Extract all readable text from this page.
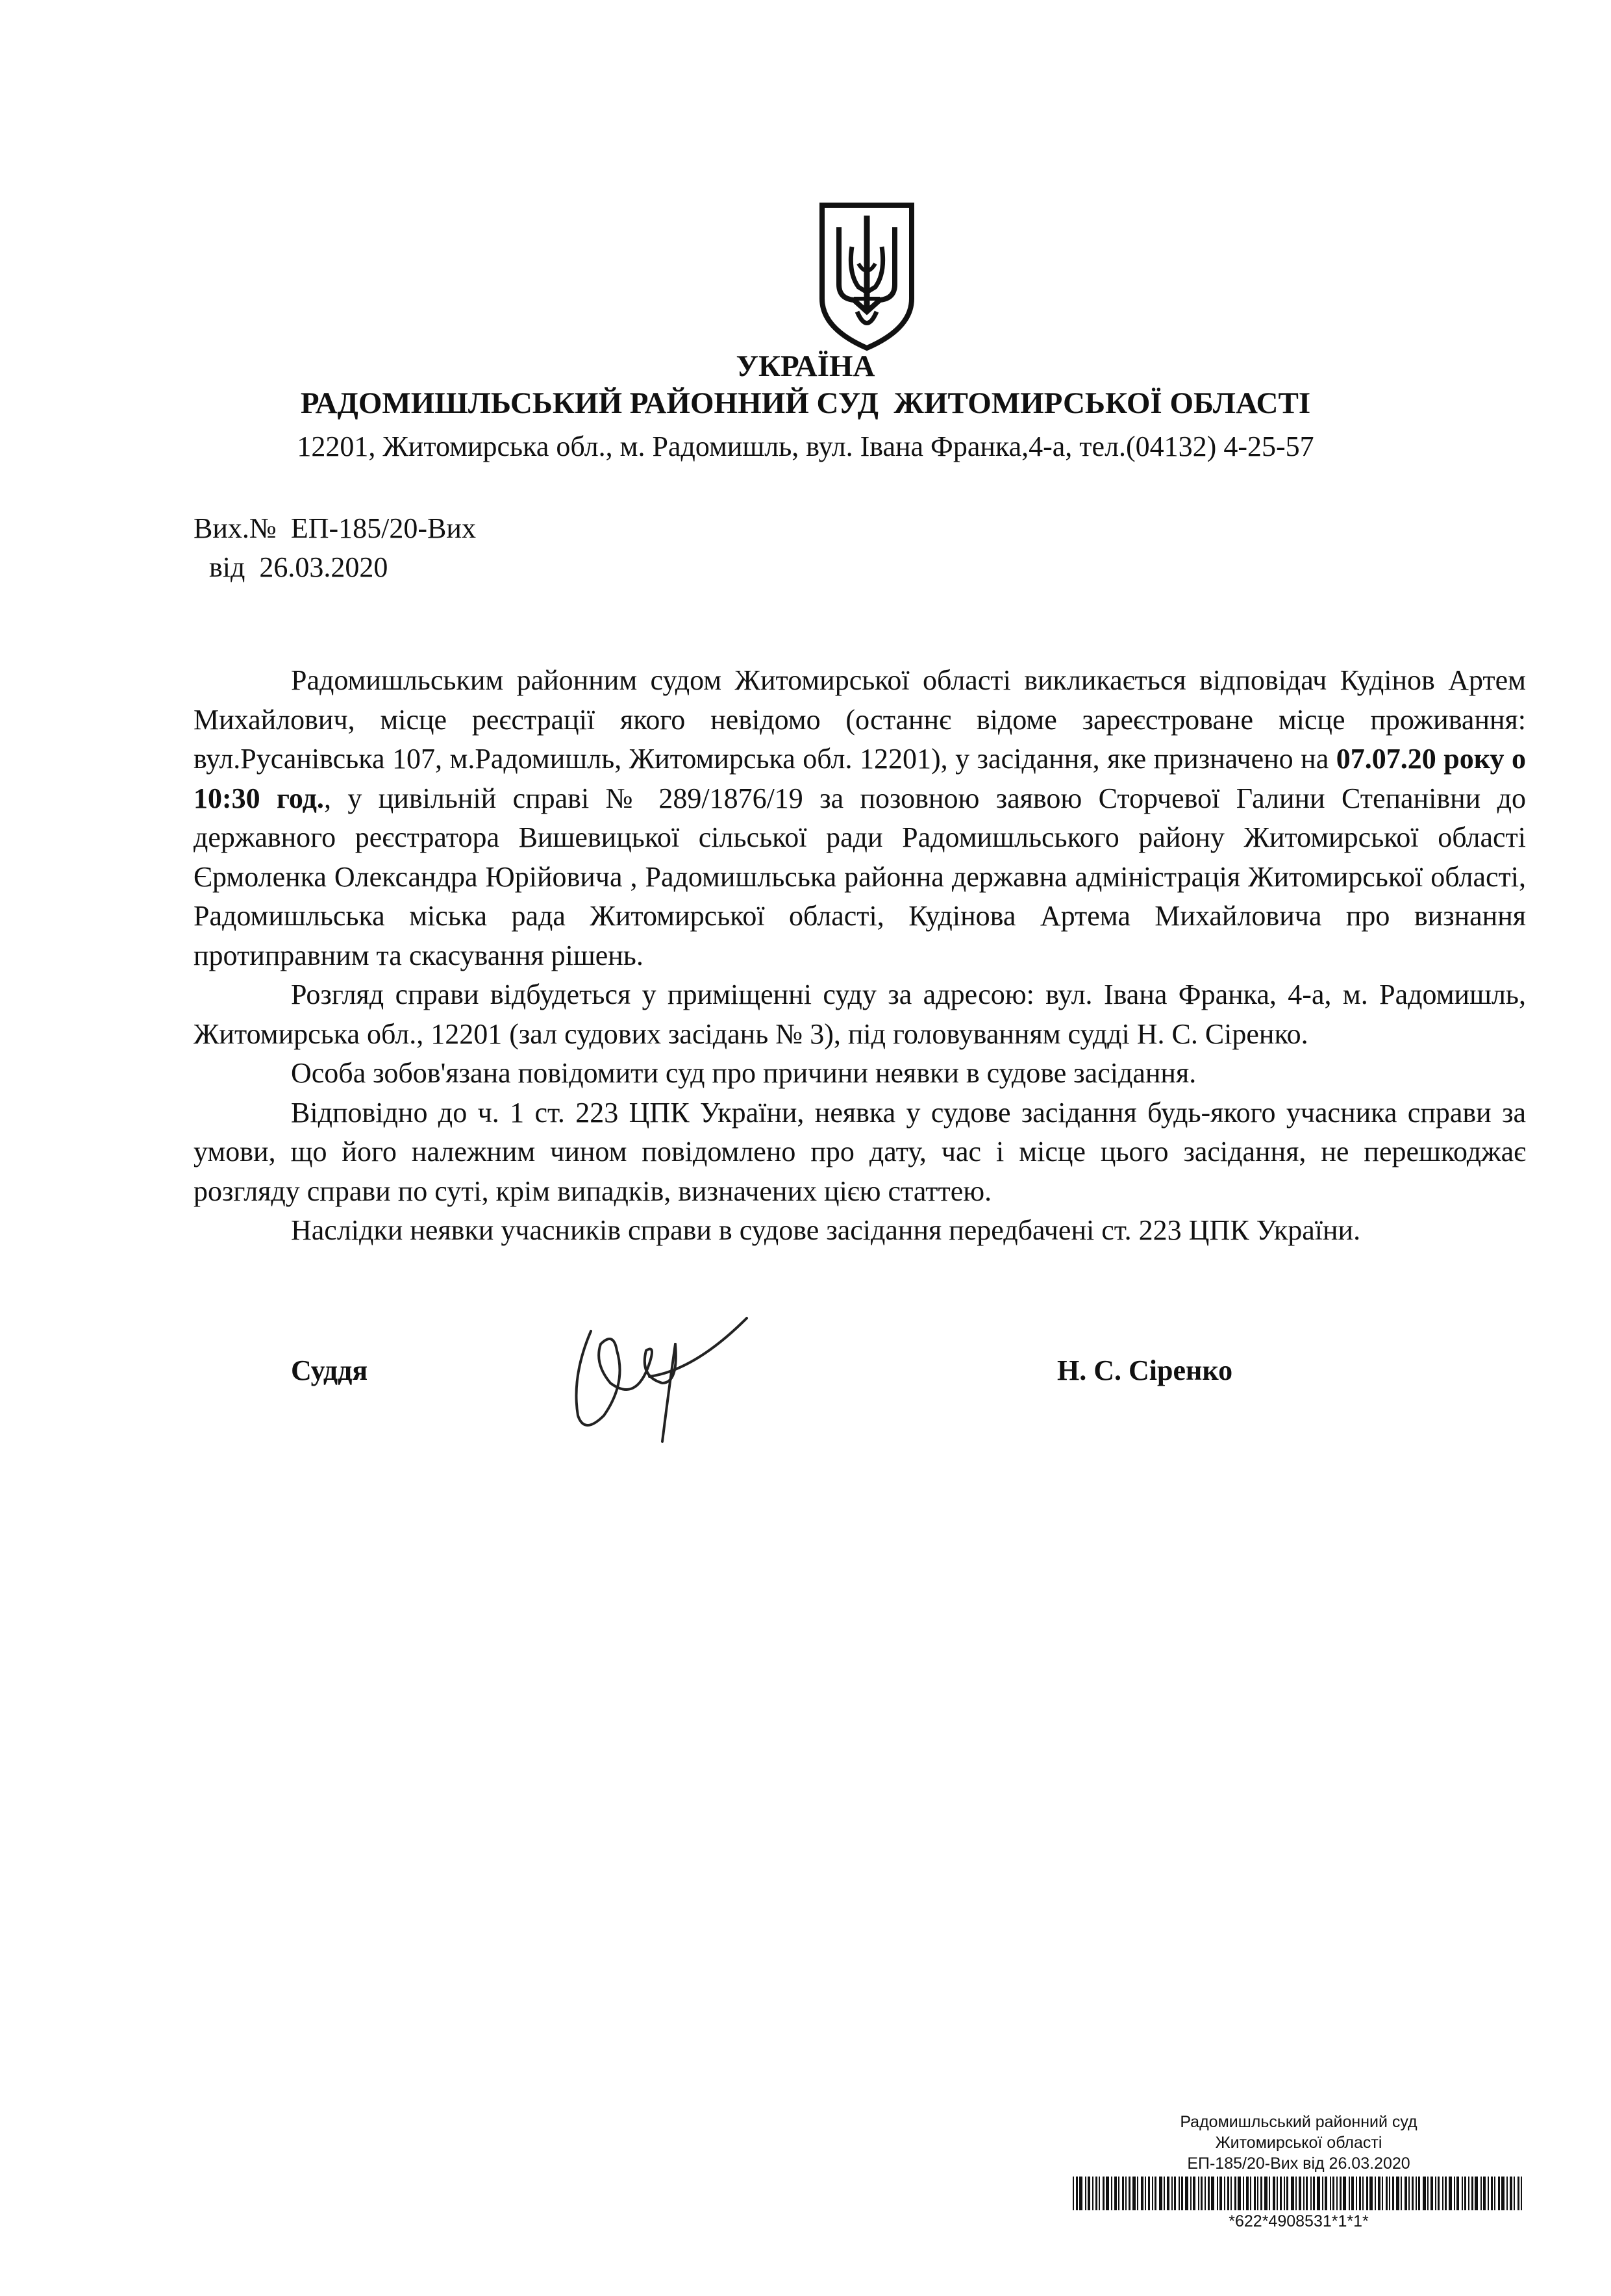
УКРАЇНА
РАДОМИШЛЬСЬКИЙ РАЙОННИЙ СУД  ЖИТОМИРСЬКОЇ ОБЛАСТІ
12201, Житомирська обл., м. Радомишль, вул. Івана Франка,4-а, тел.(04132) 4-25-57
Вих.№  ЕП-185/20-Вих
від  26.03.2020

Радомишльським районним судом Житомирської області викликається відповідач Кудінов Артем Михайлович, місце реєстрації якого невідомо (останнє відоме зареєстроване місце проживання: вул.Русанівська 107, м.Радомишль, Житомирська обл. 12201), у засідання, яке призначено на 07.07.20 року о 10:30 год., у цивільній справі № 289/1876/19 за позовною заявою Сторчевої Галини Степанівни до державного реєстратора Вишевицької сільської ради Радомишльського району Житомирської області Єрмоленка Олександра Юрійовича , Радомишльська районна державна адміністрація Житомирської області, Радомишльська міська рада Житомирської області, Кудінова Артема Михайловича про визнання протиправним та скасування рішень.

Розгляд справи відбудеться у приміщенні суду за адресою: вул. Івана Франка, 4-а, м. Радомишль, Житомирська обл., 12201 (зал судових засідань № 3), під головуванням судді Н. С. Сіренко.

Особа зобов'язана повідомити суд про причини неявки в судове засідання.

Відповідно до ч. 1 ст. 223 ЦПК України, неявка у судове засідання будь-якого учасника справи за умови, що його належним чином повідомлено про дату, час і місце цього засідання, не перешкоджає розгляду справи по суті, крім випадків, визначених цією статтею.

Наслідки неявки учасників справи в судове засідання передбачені ст. 223 ЦПК України.

Суддя	Н. С. Сіренко
Радомишльський районний суд
Житомирської області
ЕП-185/20-Вих від 26.03.2020
*622*4908531*1*1*
